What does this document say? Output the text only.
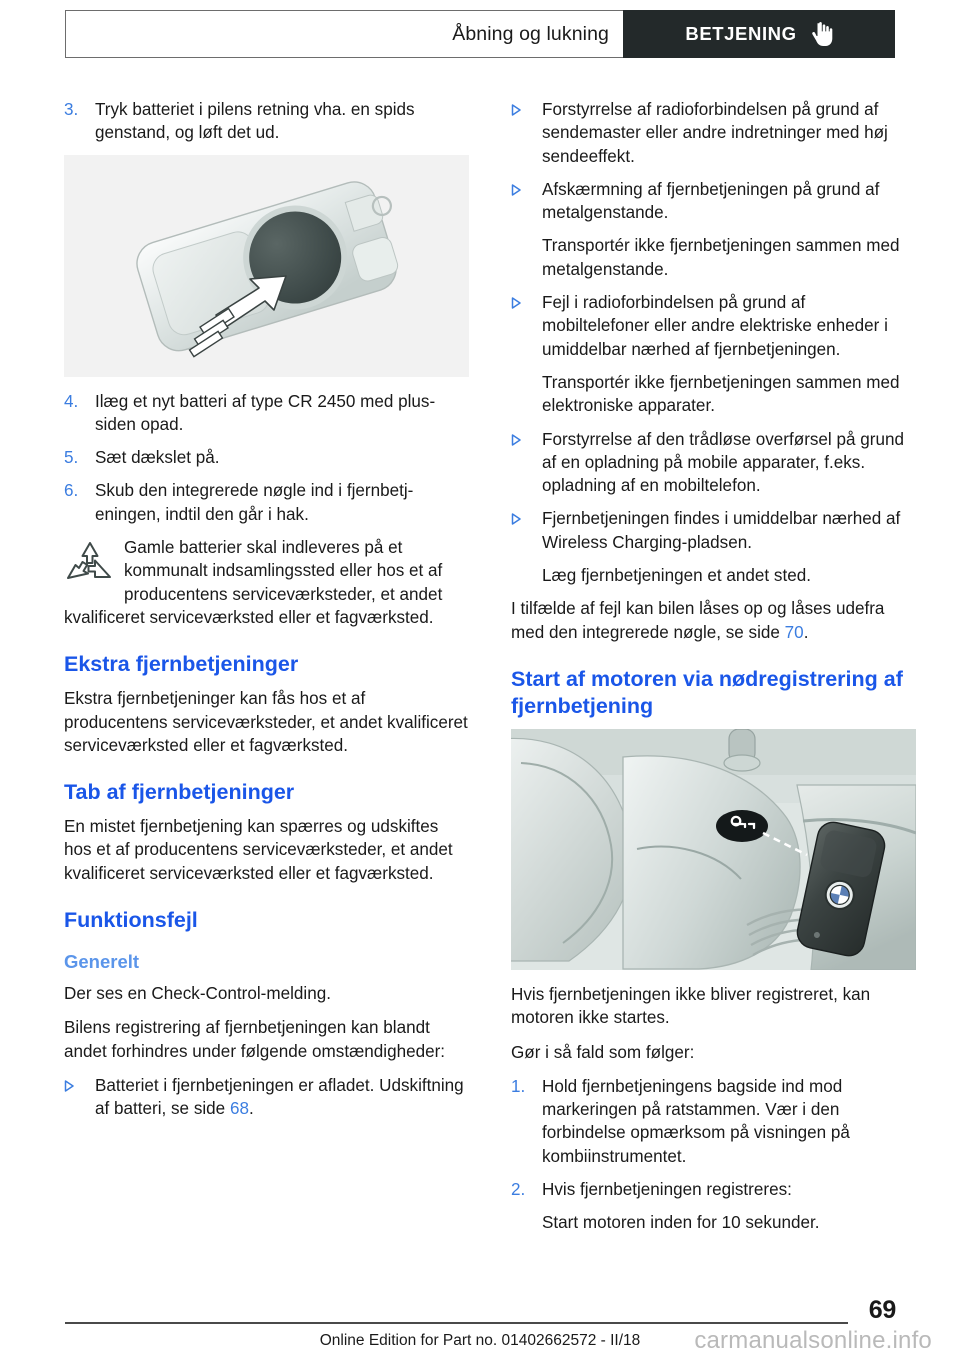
Åbning og lukning	BETJENING
3. Tryk batteriet i pilens retning vha. en spids genstand, og løft det ud.
4. Ilæg et nyt batteri af type CR 2450 med plus-siden opad.
5. Sæt dækslet på.
6. Skub den integrerede nøgle ind i fjernbetj-eningen, indtil den går i hak.
Gamle batterier skal indleveres på et kommunalt indsamlingssted eller hos et af producentens serviceværksteder, et andet kvalificeret serviceværksted eller et fagværksted.
Ekstra fjernbetjeninger

Ekstra fjernbetjeninger kan fås hos et af producentens serviceværksteder, et andet kvalificeret serviceværksted eller et fagværksted.

Tab af fjernbetjeninger

En mistet fjernbetjening kan spærres og udskiftes hos et af producentens serviceværksteder, et andet kvalificeret serviceværksted eller et fagværksted.

Funktionsfejl
Generelt

Der ses en Check-Control-melding.

Bilens registrering af fjernbetjeningen kan blandt andet forhindres under følgende omstændigheder:

Batteriet i fjernbetjeningen er afladet. Udskiftning af batteri, se side 68.
Forstyrrelse af radioforbindelsen på grund af sendemaster eller andre indretninger med høj sendeeffekt.
Afskærmning af fjernbetjeningen på grund af metalgenstande.
Transportér ikke fjernbetjeningen sammen med metalgenstande.
Fejl i radioforbindelsen på grund af mobiltelefoner eller andre elektriske enheder i umiddelbar nærhed af fjernbetjeningen.
Transportér ikke fjernbetjeningen sammen med elektroniske apparater.
Forstyrrelse af den trådløse overførsel på grund af en opladning på mobile apparater, f.eks. opladning af en mobiltelefon.
Fjernbetjeningen findes i umiddelbar nærhed af Wireless Charging-pladsen.
Læg fjernbetjeningen et andet sted.

I tilfælde af fejl kan bilen låses op og låses udefra med den integrerede nøgle, se side 70.

Start af motoren via nødregistrering af fjernbetjening

Hvis fjernbetjeningen ikke bliver registreret, kan motoren ikke startes.

Gør i så fald som følger:

1. Hold fjernbetjeningens bagside ind mod markeringen på ratstammen. Vær i den forbindelse opmærksom på visningen på kombiinstrumentet.
2. Hvis fjernbetjeningen registreres:
Start motoren inden for 10 sekunder.
69
Online Edition for Part no. 01402662572 - II/18	carmanualsonline.info
